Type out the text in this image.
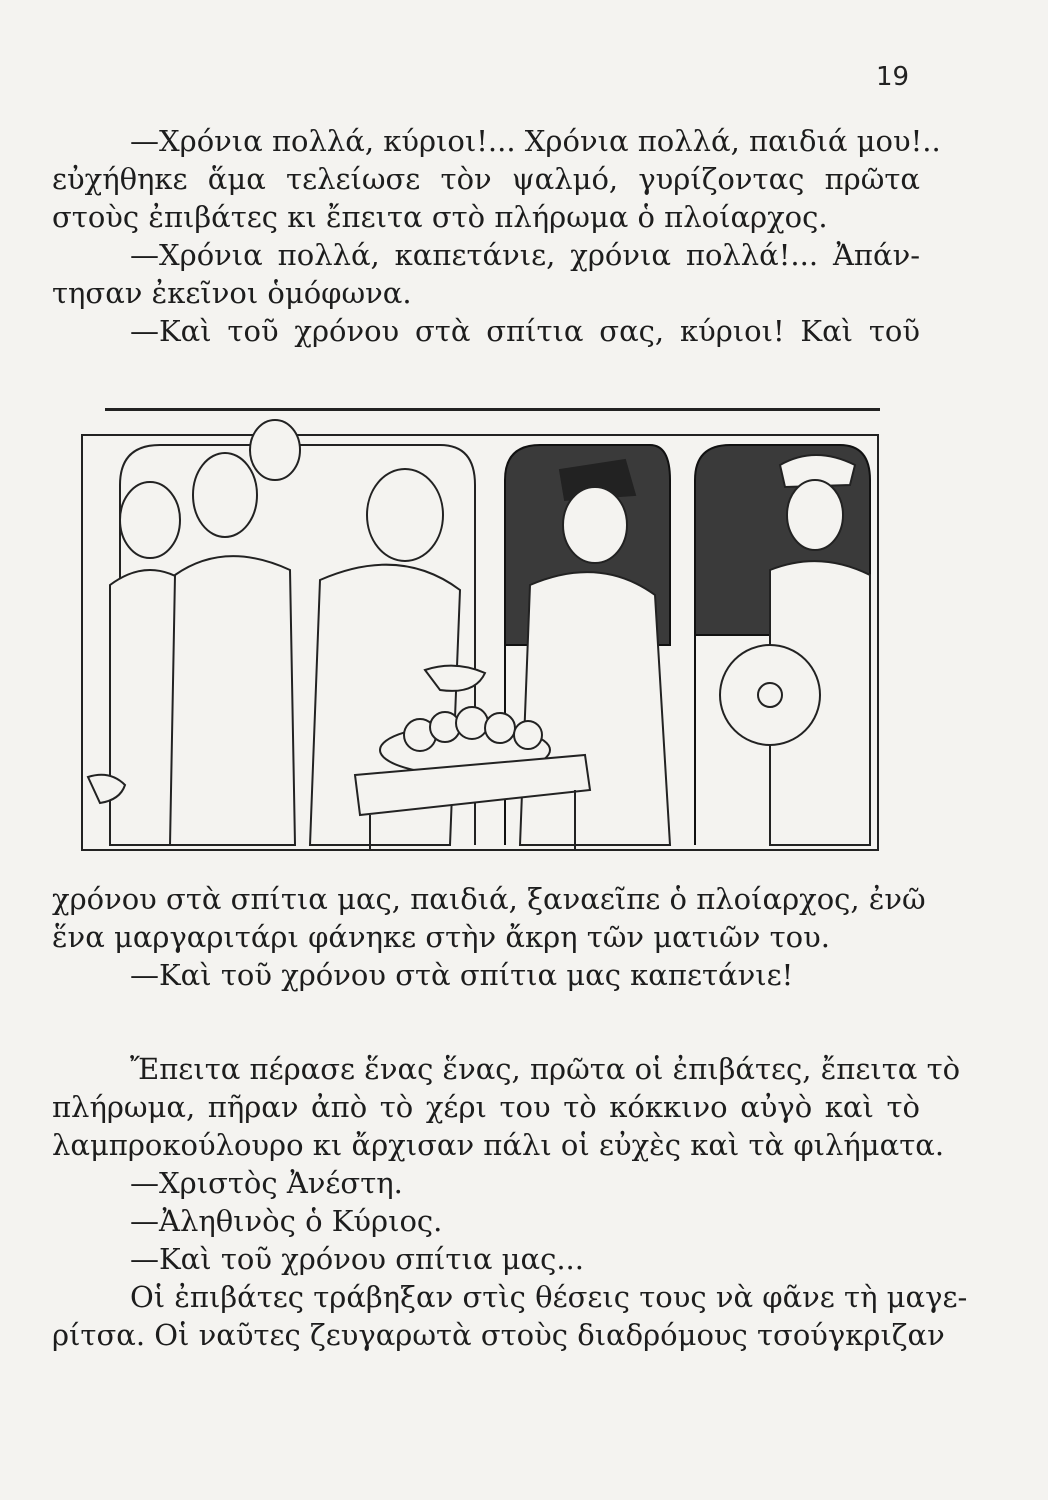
19
—Χρόνια πολλά, κύριοι!... Χρόνια πολλά, παιδιά μου!..
εὐχήθηκε ἅμα τελείωσε τὸν ψαλμό, γυρίζοντας πρῶτα
στοὺς ἐπιβάτες κι ἔπειτα στὸ πλήρωμα ὁ πλοίαρχος.
—Χρόνια πολλά, καπετάνιε, χρόνια πολλά!... Ἀπάν-
τησαν ἐκεῖνοι ὁμόφωνα.
—Καὶ τοῦ χρόνου στὰ σπίτια σας, κύριοι! Καὶ τοῦ
χρόνου στὰ σπίτια μας, παιδιά, ξαναεῖπε ὁ πλοίαρχος, ἐνῶ
ἕνα μαργαριτάρι φάνηκε στὴν ἄκρη τῶν ματιῶν του.
—Καὶ τοῦ χρόνου στὰ σπίτια μας καπετάνιε!
Ἔπειτα πέρασε ἕνας ἕνας, πρῶτα οἱ ἐπιβάτες, ἔπειτα τὸ
πλήρωμα, πῆραν ἀπὸ τὸ χέρι του τὸ κόκκινο αὐγὸ καὶ τὸ
λαμπροκούλουρο κι ἄρχισαν πάλι οἱ εὐχὲς καὶ τὰ φιλήματα.
—Χριστὸς Ἀνέστη.
—Ἀληθινὸς ὁ Κύριος.
—Καὶ τοῦ χρόνου σπίτια μας...
Οἱ ἐπιβάτες τράβηξαν στὶς θέσεις τους νὰ φᾶνε τὴ μαγε-
ρίτσα. Οἱ ναῦτες ζευγαρωτὰ στοὺς διαδρόμους τσούγκριζαν
